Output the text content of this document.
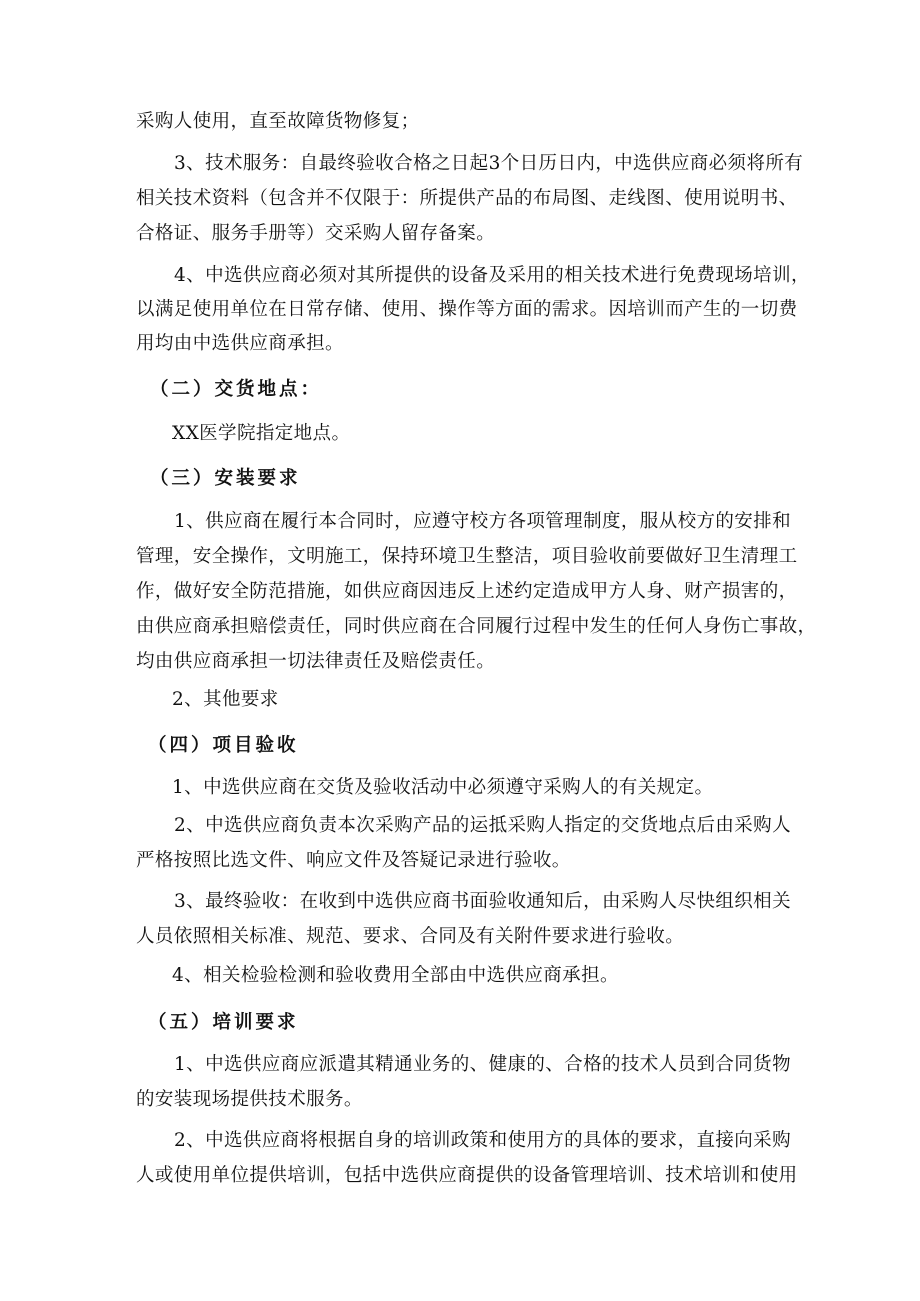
采购人使用，直至故障货物修复；
3、技术服务：自最终验收合格之日起3个日历日内，中选供应商必须将所有
相关技术资料（包含并不仅限于：所提供产品的布局图、走线图、使用说明书、
合格证、服务手册等）交采购人留存备案。
4、中选供应商必须对其所提供的设备及采用的相关技术进行免费现场培训，
以满足使用单位在日常存储、使用、操作等方面的需求。因培训而产生的一切费
用均由中选供应商承担。
（二）交货地点：
XX医学院指定地点。
（三）安装要求
1、供应商在履行本合同时，应遵守校方各项管理制度，服从校方的安排和
管理，安全操作，文明施工，保持环境卫生整洁，项目验收前要做好卫生清理工
作，做好安全防范措施，如供应商因违反上述约定造成甲方人身、财产损害的，
由供应商承担赔偿责任，同时供应商在合同履行过程中发生的任何人身伤亡事故，
均由供应商承担一切法律责任及赔偿责任。
2、其他要求
（四）项目验收
1、中选供应商在交货及验收活动中必须遵守采购人的有关规定。
2、中选供应商负责本次采购产品的运抵采购人指定的交货地点后由采购人
严格按照比选文件、响应文件及答疑记录进行验收。
3、最终验收：在收到中选供应商书面验收通知后，由采购人尽快组织相关
人员依照相关标准、规范、要求、合同及有关附件要求进行验收。
4、相关检验检测和验收费用全部由中选供应商承担。
（五）培训要求
1、中选供应商应派遣其精通业务的、健康的、合格的技术人员到合同货物
的安装现场提供技术服务。
2、中选供应商将根据自身的培训政策和使用方的具体的要求，直接向采购
人或使用单位提供培训，包括中选供应商提供的设备管理培训、技术培训和使用
